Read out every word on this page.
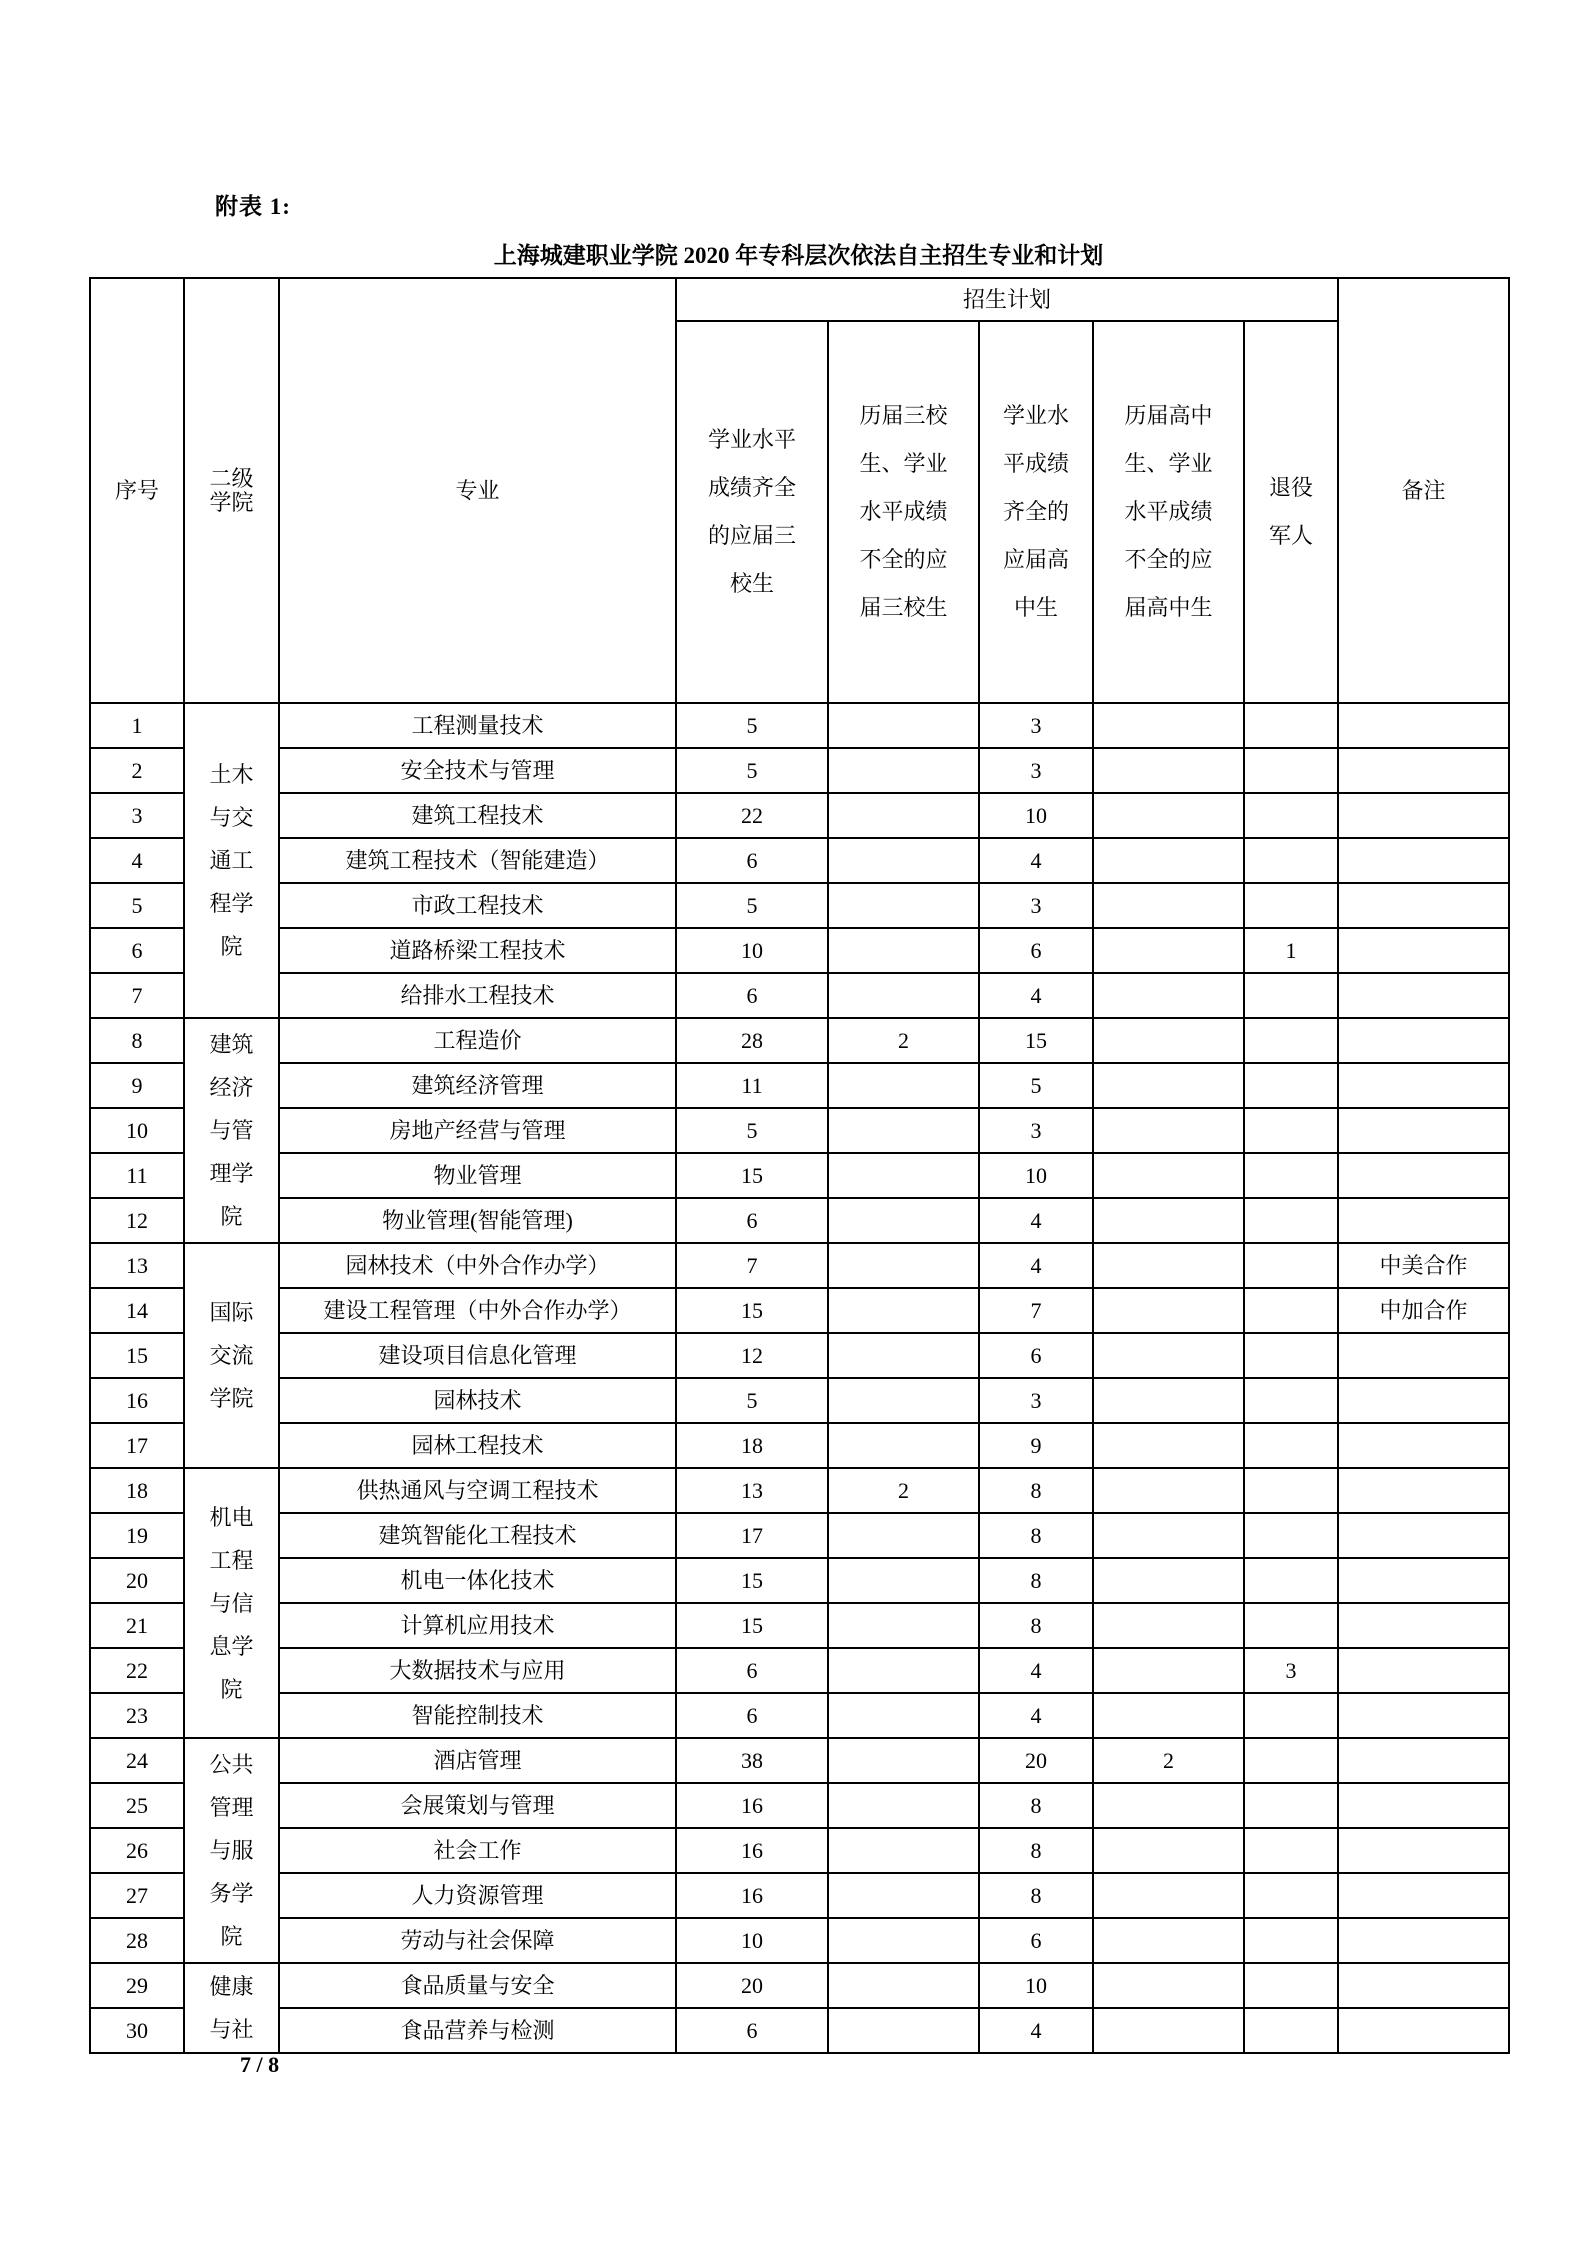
附表 1:
上海城建职业学院 2020 年专科层次依法自主招生专业和计划
序号	二级学院	专业	招生计划					备注

			学业水平成绩齐全的应届三校生	历届三校生、学业水平成绩不全的应届三校生	学业水平成绩齐全的应届高中生	历届高中生、学业水平成绩不全的应届高中生	退役军人	

1	土木与交通工程学院	工程测量技术	5		3			
2		安全技术与管理	5		3			
3		建筑工程技术	22		10			
4		建筑工程技术（智能建造）	6		4			
5		市政工程技术	5		3			
6		道路桥梁工程技术	10		6		1	
7		给排水工程技术	6		4			
8	建筑经济与管理学院	工程造价	28	2	15			
9		建筑经济管理	11		5			
10		房地产经营与管理	5		3			
11		物业管理	15		10			
12		物业管理(智能管理)	6		4			
13	国际交流学院	园林技术（中外合作办学）	7		4			中美合作
14		建设工程管理（中外合作办学）	15		7			中加合作
15		建设项目信息化管理	12		6			
16		园林技术	5		3			
17		园林工程技术	18		9			
18	机电工程与信息学院	供热通风与空调工程技术	13	2	8			
19		建筑智能化工程技术	17		8			
20		机电一体化技术	15		8			
21		计算机应用技术	15		8			
22		大数据技术与应用	6		4		3	
23		智能控制技术	6		4			
24	公共管理与服务学院	酒店管理	38		20	2		
25		会展策划与管理	16		8			
26		社会工作	16		8			
27		人力资源管理	16		8			
28		劳动与社会保障	10		6			
29	健康与社	食品质量与安全	20		10			
30		食品营养与检测	6		4			
7 / 8
